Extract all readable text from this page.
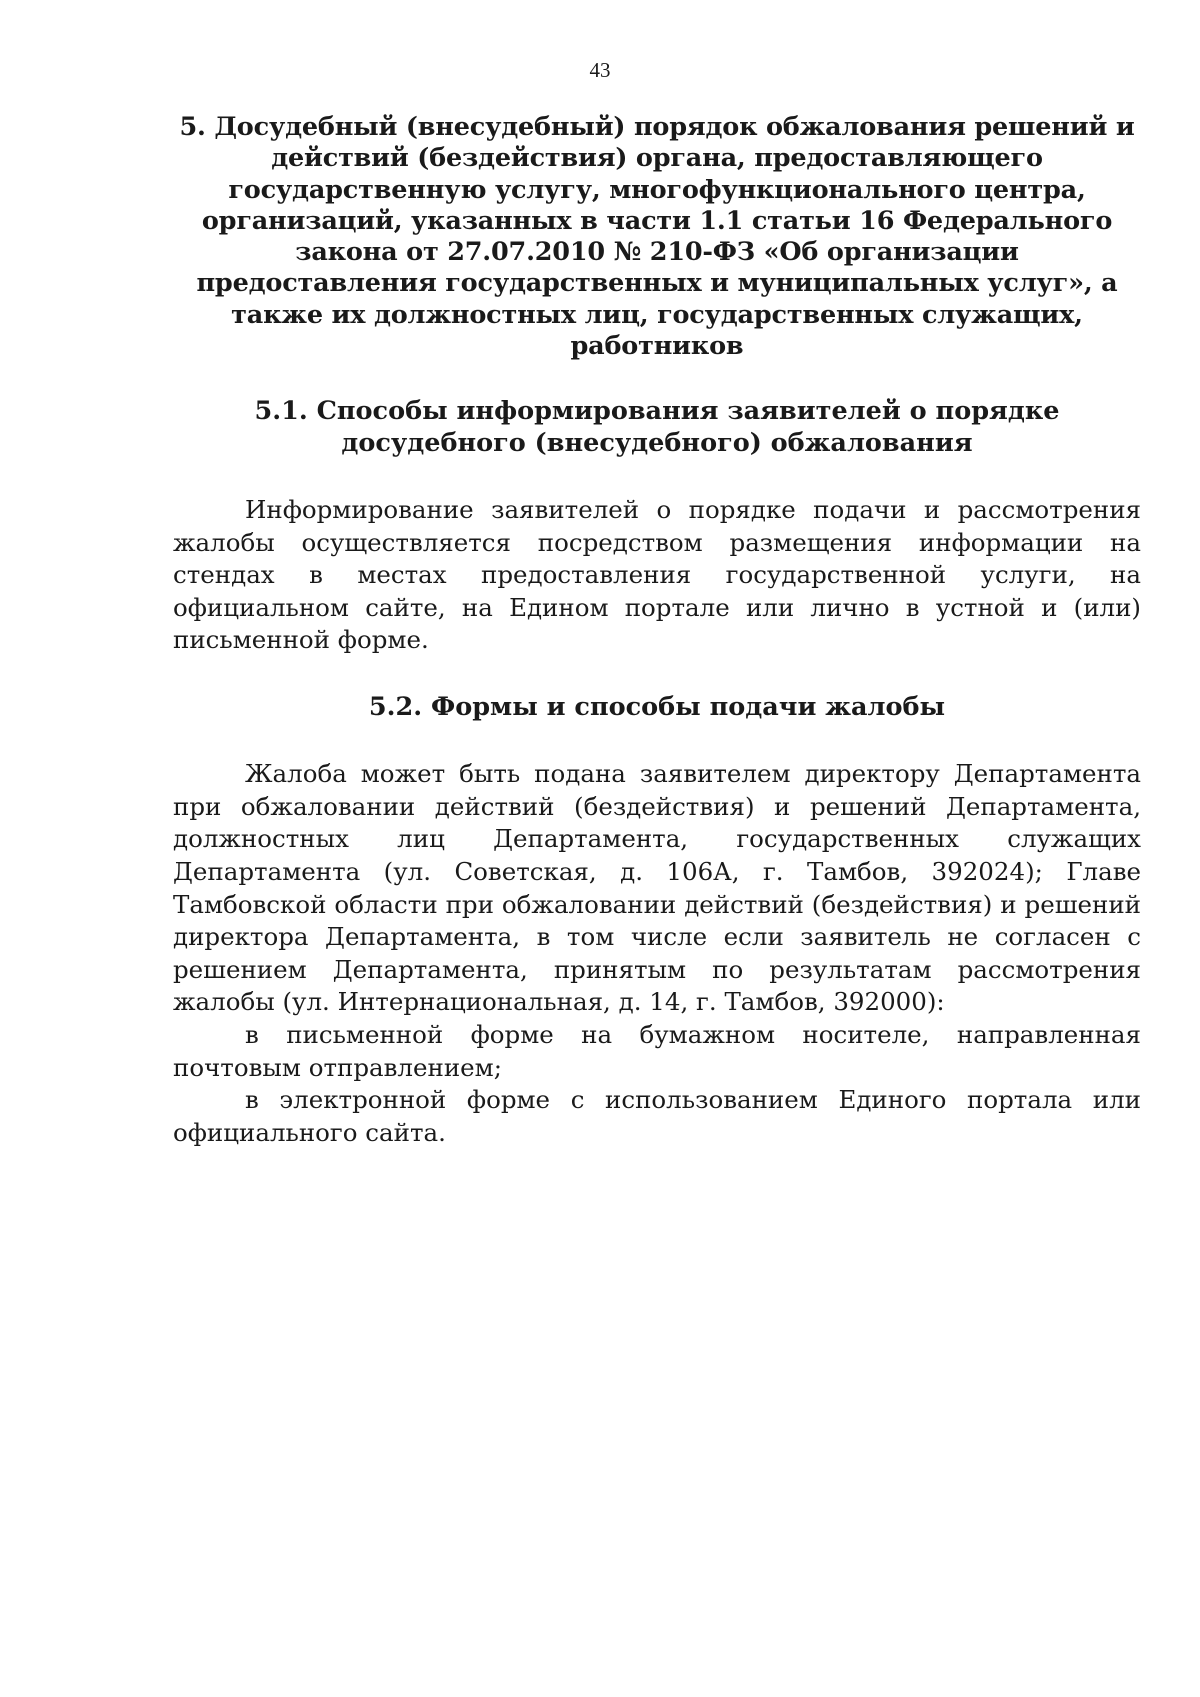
43
5. Досудебный (внесудебный) порядок обжалования решений и действий (бездействия) органа, предоставляющего государственную услугу, многофункционального центра, организаций, указанных в части 1.1 статьи 16 Федерального закона от 27.07.2010 № 210-ФЗ «Об организации предоставления государственных и муниципальных услуг», а также их должностных лиц, государственных служащих, работников
5.1. Способы информирования заявителей о порядке досудебного (внесудебного) обжалования

Информирование заявителей о порядке подачи и рассмотрения жалобы осуществляется посредством размещения информации на стендах в местах предоставления государственной услуги, на официальном сайте, на Едином портале или лично в устной и (или) письменной форме.

5.2. Формы и способы подачи жалобы

Жалоба может быть подана заявителем директору Департамента при обжаловании действий (бездействия) и решений Департамента, должностных лиц Департамента, государственных служащих Департамента (ул. Советская, д. 106А, г. Тамбов, 392024); Главе Тамбовской области при обжаловании действий (бездействия) и решений директора Департамента, в том числе если заявитель не согласен с решением Департамента, принятым по результатам рассмотрения жалобы (ул. Интернациональная, д. 14, г. Тамбов, 392000):

в письменной форме на бумажном носителе, направленная почтовым отправлением;

в электронной форме с использованием Единого портала или
официального сайта.
